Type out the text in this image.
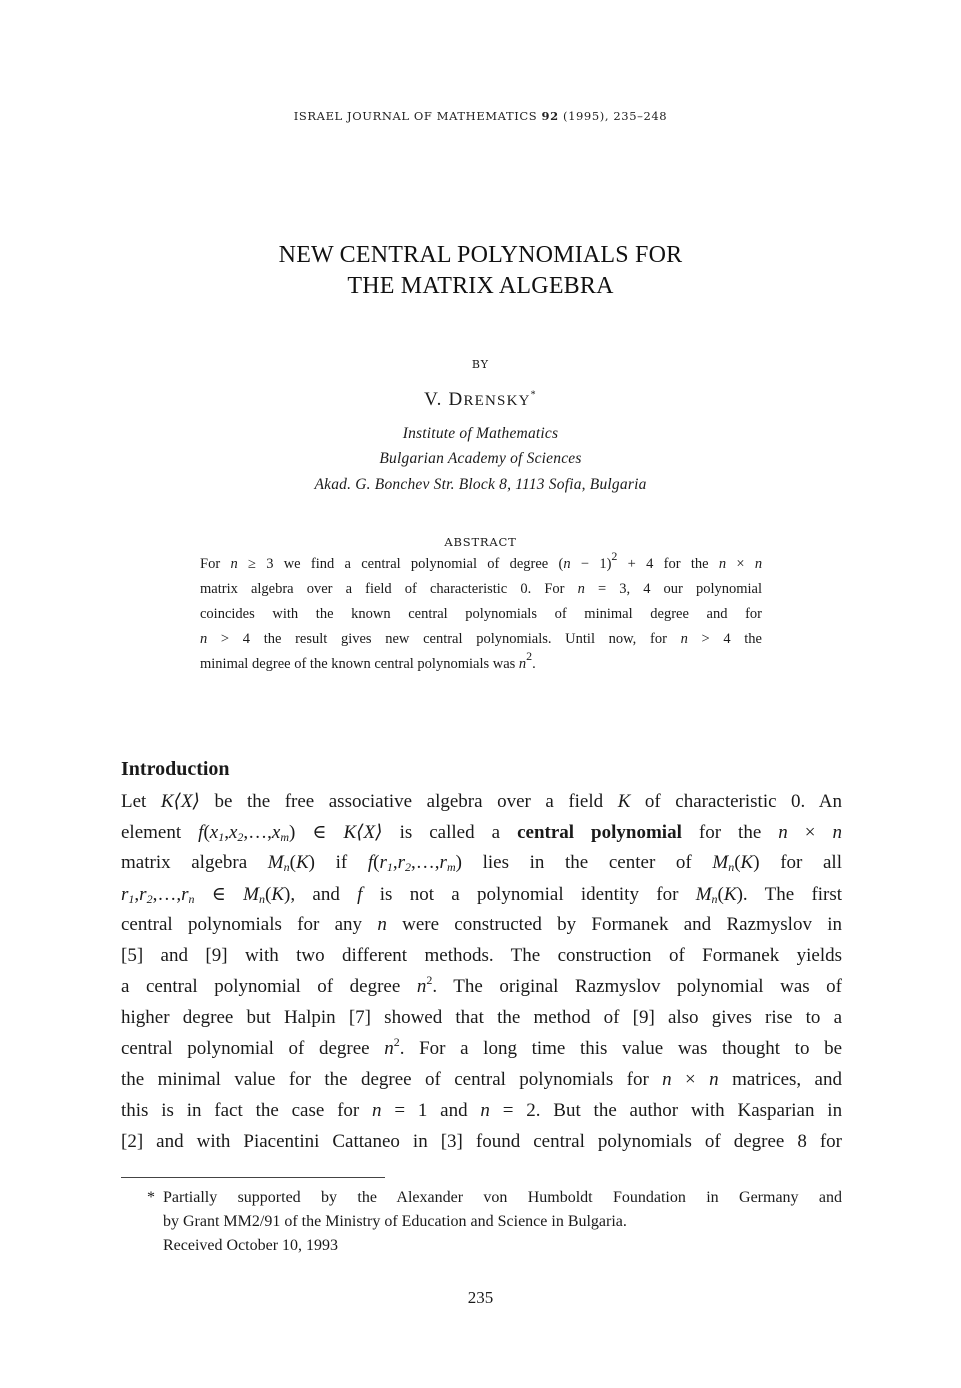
ISRAEL JOURNAL OF MATHEMATICS 92 (1995), 235–248
NEW CENTRAL POLYNOMIALS FOR
THE MATRIX ALGEBRA
BY
V. DRENSKY*
Institute of Mathematics
Bulgarian Academy of Sciences
Akad. G. Bonchev Str. Block 8, 1113 Sofia, Bulgaria
ABSTRACT
For n ≥ 3 we find a central polynomial of degree $(n - 1)^2 + 4$ for the n × n
matrix algebra over a field of characteristic 0. For n = 3, 4 our polynomial
coincides with the known central polynomials of minimal degree and for
n > 4 the result gives new central polynomials. Until now, for n > 4 the
minimal degree of the known central polynomials was $n^2$.
Introduction
Let K⟨X⟩ be the free associative algebra over a field K of characteristic 0. An
element $f(x_1,x_2,\dots,x_m)$ ∈ K⟨X⟩ is called a central polynomial for the n × n
matrix algebra $M_n(K)$ if $f(r_1,r_2,\dots,r_m)$ lies in the center of $M_n(K)$ for all
$r_1,r_2,\dots,r_n$ ∈ $M_n(K)$, and f is not a polynomial identity for $M_n(K)$. The first
central polynomials for any n were constructed by Formanek and Razmyslov in
[5] and [9] with two different methods. The construction of Formanek yields
a central polynomial of degree $n^2$. The original Razmyslov polynomial was of
higher degree but Halpin [7] showed that the method of [9] also gives rise to a
central polynomial of degree $n^2$. For a long time this value was thought to be
the minimal value for the degree of central polynomials for n × n matrices, and
this is in fact the case for n = 1 and n = 2. But the author with Kasparian in
[2] and with Piacentini Cattaneo in [3] found central polynomials of degree 8 for
* Partially supported by the Alexander von Humboldt Foundation in Germany and
by Grant MM2/91 of the Ministry of Education and Science in Bulgaria.
Received October 10, 1993
235
